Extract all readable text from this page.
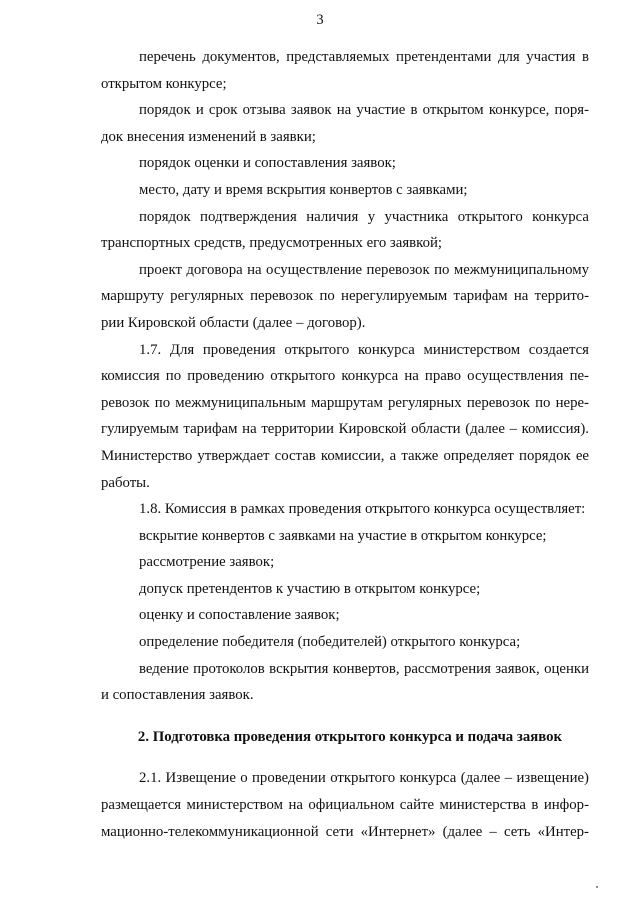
3
перечень документов, представляемых претендентами для участия в
открытом конкурсе;
порядок и срок отзыва заявок на участие в открытом конкурсе, поря-
док внесения изменений в заявки;
порядок оценки и сопоставления заявок;
место, дату и время вскрытия конвертов с заявками;
порядок подтверждения наличия у участника открытого конкурса
транспортных средств, предусмотренных его заявкой;
проект договора на осуществление перевозок по межмуниципальному
маршруту регулярных перевозок по нерегулируемым тарифам на террито-
рии Кировской области (далее – договор).
1.7. Для проведения открытого конкурса министерством создается
комиссия по проведению открытого конкурса на право осуществления пе-
ревозок по межмуниципальным маршрутам регулярных перевозок по нере-
гулируемым тарифам на территории Кировской области (далее – комиссия).
Министерство утверждает состав комиссии, а также определяет порядок ее
работы.
1.8. Комиссия в рамках проведения открытого конкурса осуществляет:
вскрытие конвертов с заявками на участие в открытом конкурсе;
рассмотрение заявок;
допуск претендентов к участию в открытом конкурсе;
оценку и сопоставление заявок;
определение победителя (победителей) открытого конкурса;
ведение протоколов вскрытия конвертов, рассмотрения заявок, оценки
и сопоставления заявок.
2. Подготовка проведения открытого конкурса и подача заявок
2.1. Извещение о проведении открытого конкурса (далее – извещение)
размещается министерством на официальном сайте министерства в инфор-
мационно-телекоммуникационной сети «Интернет» (далее – сеть «Интер-
